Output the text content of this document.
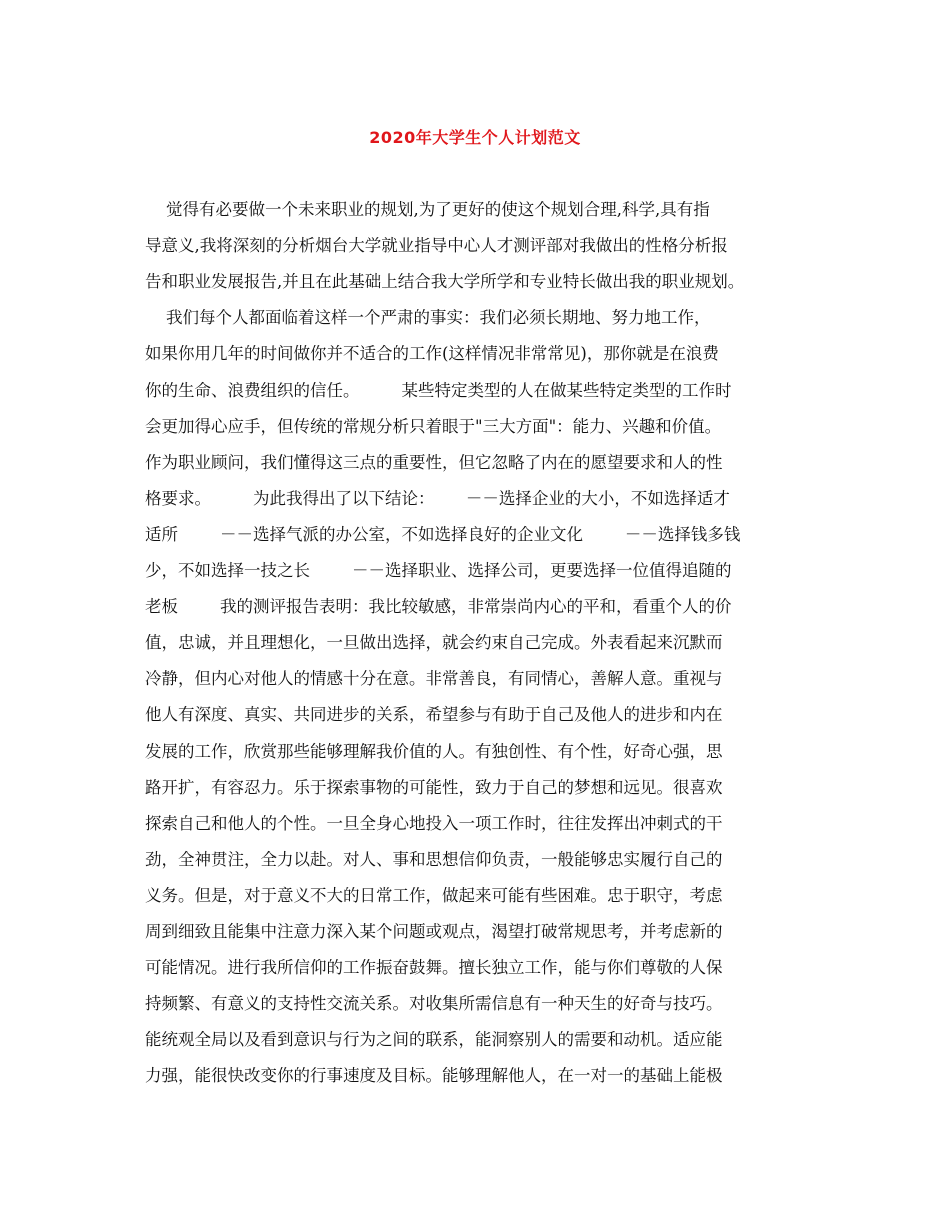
2020年大学生个人计划范文
觉得有必要做一个未来职业的规划,为了更好的使这个规划合理,科学,具有指
导意义,我将深刻的分析烟台大学就业指导中心人才测评部对我做出的性格分析报
告和职业发展报告,并且在此基础上结合我大学所学和专业特长做出我的职业规划。
我们每个人都面临着这样一个严肃的事实：我们必须长期地、努力地工作，
如果你用几年的时间做你并不适合的工作(这样情况非常常见)，那你就是在浪费
你的生命、浪费组织的信任。        某些特定类型的人在做某些特定类型的工作时
会更加得心应手，但传统的常规分析只着眼于"三大方面"：能力、兴趣和价值。
作为职业顾问，我们懂得这三点的重要性，但它忽略了内在的愿望要求和人的性
格要求。        为此我得出了以下结论：      －－选择企业的大小，不如选择适才
适所        －－选择气派的办公室，不如选择良好的企业文化        －－选择钱多钱
少，不如选择一技之长        －－选择职业、选择公司，更要选择一位值得追随的
老板        我的测评报告表明：我比较敏感，非常崇尚内心的平和，看重个人的价
值，忠诚，并且理想化，一旦做出选择，就会约束自己完成。外表看起来沉默而
冷静，但内心对他人的情感十分在意。非常善良，有同情心，善解人意。重视与
他人有深度、真实、共同进步的关系，希望参与有助于自己及他人的进步和内在
发展的工作，欣赏那些能够理解我价值的人。有独创性、有个性，好奇心强，思
路开扩，有容忍力。乐于探索事物的可能性，致力于自己的梦想和远见。很喜欢
探索自己和他人的个性。一旦全身心地投入一项工作时，往往发挥出冲刺式的干
劲，全神贯注，全力以赴。对人、事和思想信仰负责，一般能够忠实履行自己的
义务。但是，对于意义不大的日常工作，做起来可能有些困难。忠于职守，考虑
周到细致且能集中注意力深入某个问题或观点，渴望打破常规思考，并考虑新的
可能情况。进行我所信仰的工作振奋鼓舞。擅长独立工作，能与你们尊敬的人保
持频繁、有意义的支持性交流关系。对收集所需信息有一种天生的好奇与技巧。
能统观全局以及看到意识与行为之间的联系，能洞察别人的需要和动机。适应能
力强，能很快改变你的行事速度及目标。能够理解他人，在一对一的基础上能极
